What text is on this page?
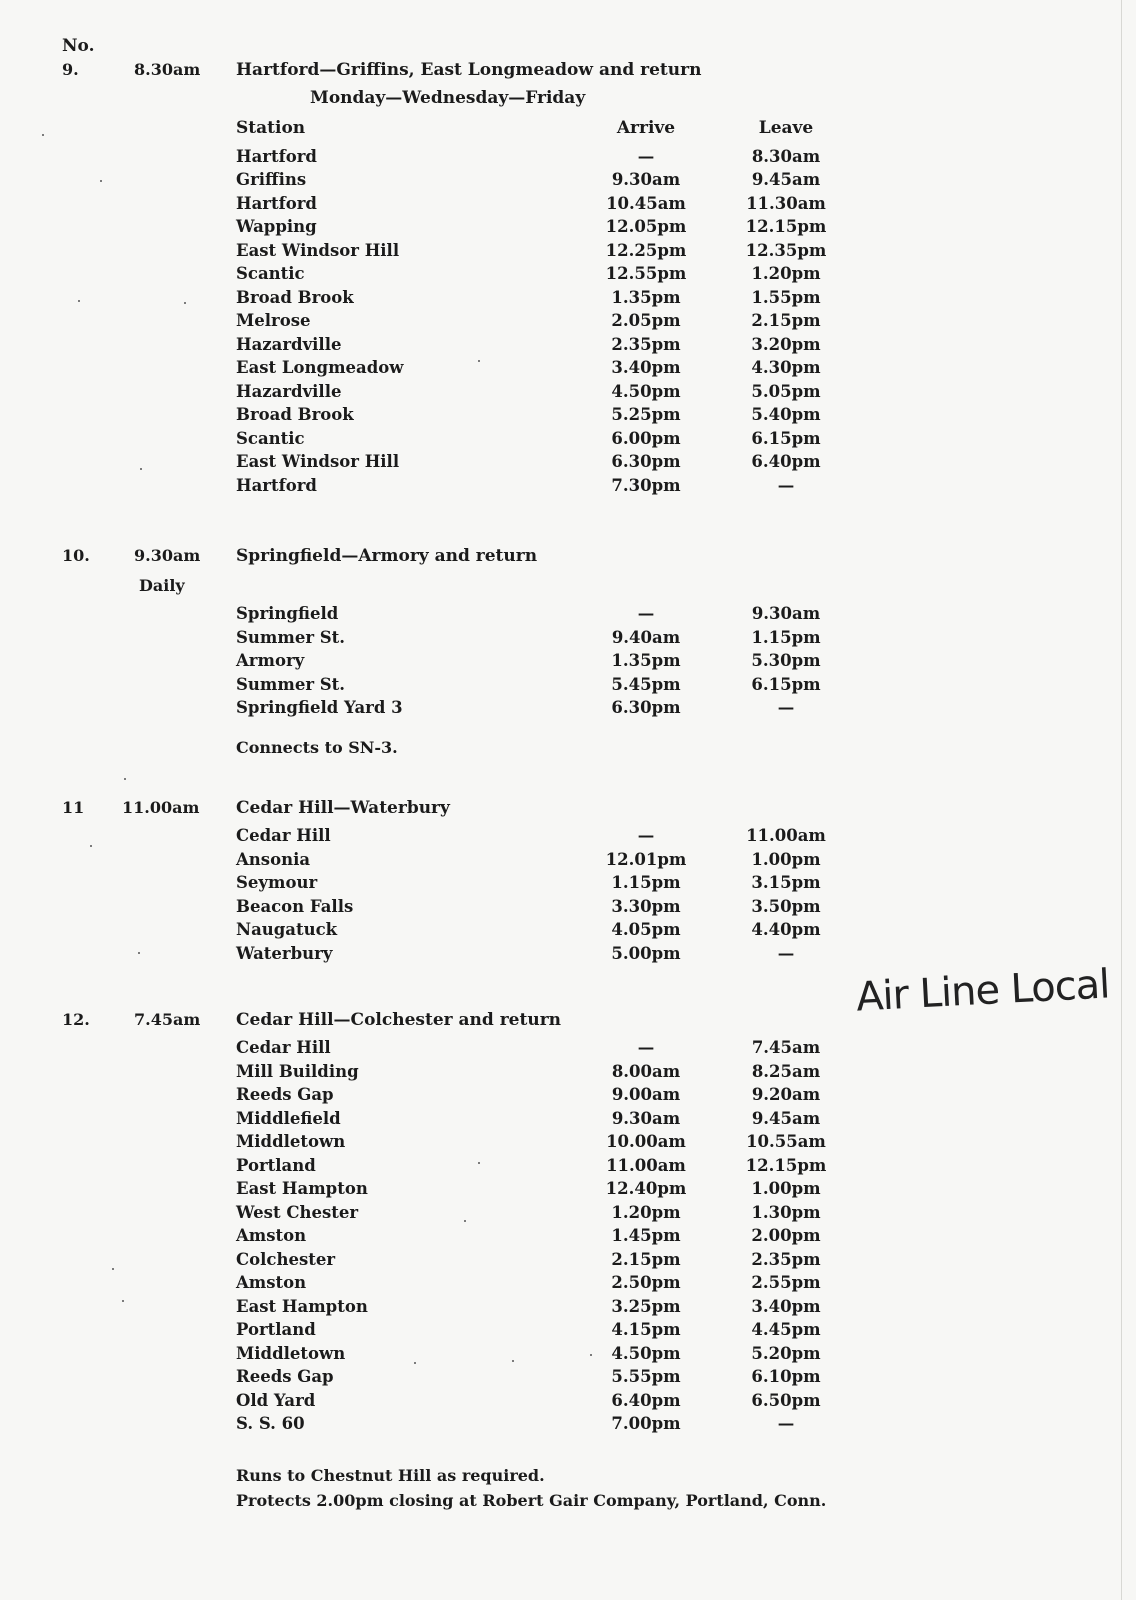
No.
9.	8.30am Hartford—Griffins, East Longmeadow and return
Monday—Wednesday—Friday
Station	Arrive	Leave
Hartford	—	8.30am
Griffins	9.30am	9.45am
Hartford	10.45am	11.30am
Wapping	12.05pm	12.15pm
East Windsor Hill	12.25pm	12.35pm
Scantic	12.55pm	1.20pm
Broad Brook	1.35pm	1.55pm
Melrose	2.05pm	2.15pm
Hazardville	2.35pm	3.20pm
East Longmeadow	3.40pm	4.30pm
Hazardville	4.50pm	5.05pm
Broad Brook	5.25pm	5.40pm
Scantic	6.00pm	6.15pm
East Windsor Hill	6.30pm	6.40pm
Hartford	7.30pm	—
10.	9.30am Springfield—Armory and return
Daily
Springfield	—	9.30am
Summer St.	9.40am	1.15pm
Armory	1.35pm	5.30pm
Summer St.	5.45pm	6.15pm
Springfield Yard 3	6.30pm	—
Connects to SN-3.
11 11.00am Cedar Hill—Waterbury
Cedar Hill	—	11.00am
Ansonia	12.01pm	1.00pm
Seymour	1.15pm	3.15pm
Beacon Falls	3.30pm	3.50pm
Naugatuck	4.05pm	4.40pm
Waterbury	5.00pm	—
12.	7.45am Cedar Hill—Colchester and return
Cedar Hill	—	7.45am
Mill Building	8.00am	8.25am
Reeds Gap	9.00am	9.20am
Middlefield	9.30am	9.45am
Middletown	10.00am	10.55am
Portland	11.00am	12.15pm
East Hampton	12.40pm	1.00pm
West Chester	1.20pm	1.30pm
Amston	1.45pm	2.00pm
Colchester	2.15pm	2.35pm
Amston	2.50pm	2.55pm
East Hampton	3.25pm	3.40pm
Portland	4.15pm	4.45pm
Middletown	4.50pm	5.20pm
Reeds Gap	5.55pm	6.10pm
Old Yard	6.40pm	6.50pm
S. S. 60	7.00pm	—
Runs to Chestnut Hill as required.
Protects 2.00pm closing at Robert Gair Company, Portland, Conn.
Air Line Local
